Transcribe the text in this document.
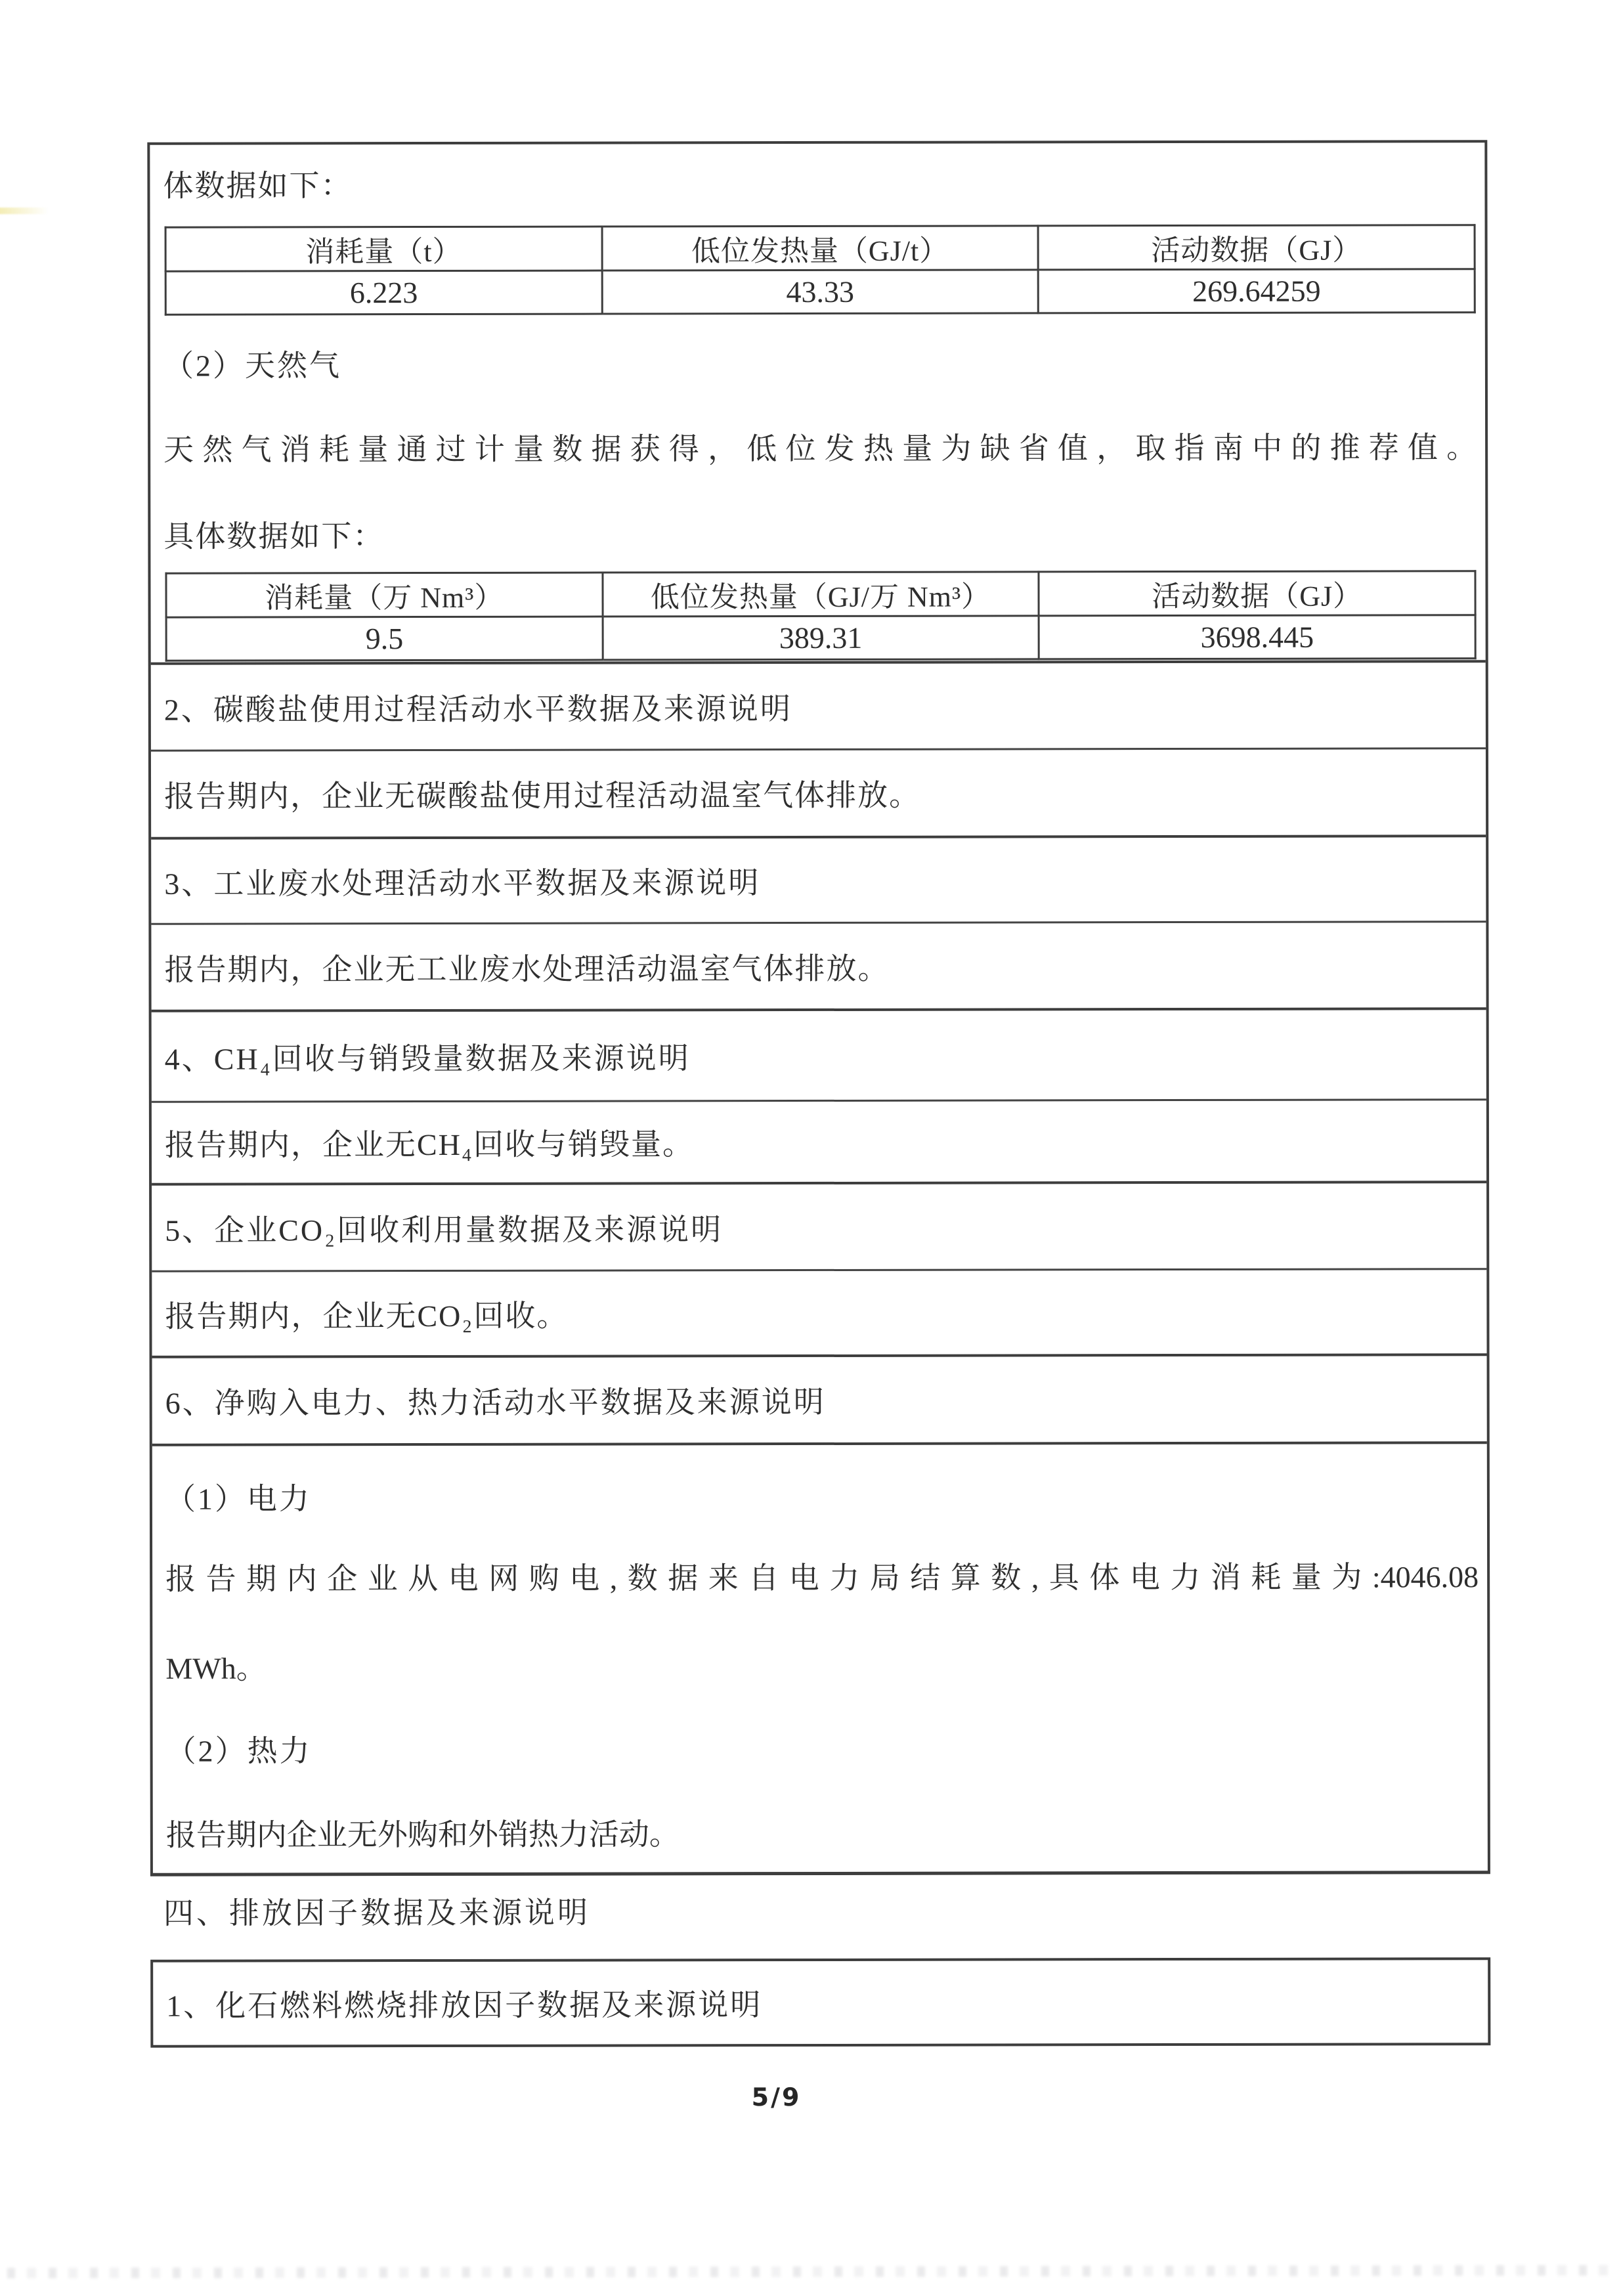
体数据如下：

消耗量（t）	低位发热量（GJ/t）	活动数据（GJ）
6.223	43.33	269.64259

（2）天然气

天然气消耗量通过计量数据获得，低位发热量为缺省值，取指南中的推荐值。

具体数据如下：

消耗量（万 Nm³）	低位发热量（GJ/万 Nm³）	活动数据（GJ）
9.5	389.31	3698.445
2、碳酸盐使用过程活动水平数据及来源说明
报告期内，企业无碳酸盐使用过程活动温室气体排放。
3、工业废水处理活动水平数据及来源说明
报告期内，企业无工业废水处理活动温室气体排放。
4、CH₄回收与销毁量数据及来源说明
报告期内，企业无CH₄回收与销毁量。
5、企业CO₂回收利用量数据及来源说明
报告期内，企业无CO₂回收。
6、净购入电力、热力活动水平数据及来源说明

（1）电力

报告期内企业从电网购电,数据来自电力局结算数,具体电力消耗量为:4046.08

MWh。

（2）热力

报告期内企业无外购和外销热力活动。

四、排放因子数据及来源说明
1、化石燃料燃烧排放因子数据及来源说明
5/9
